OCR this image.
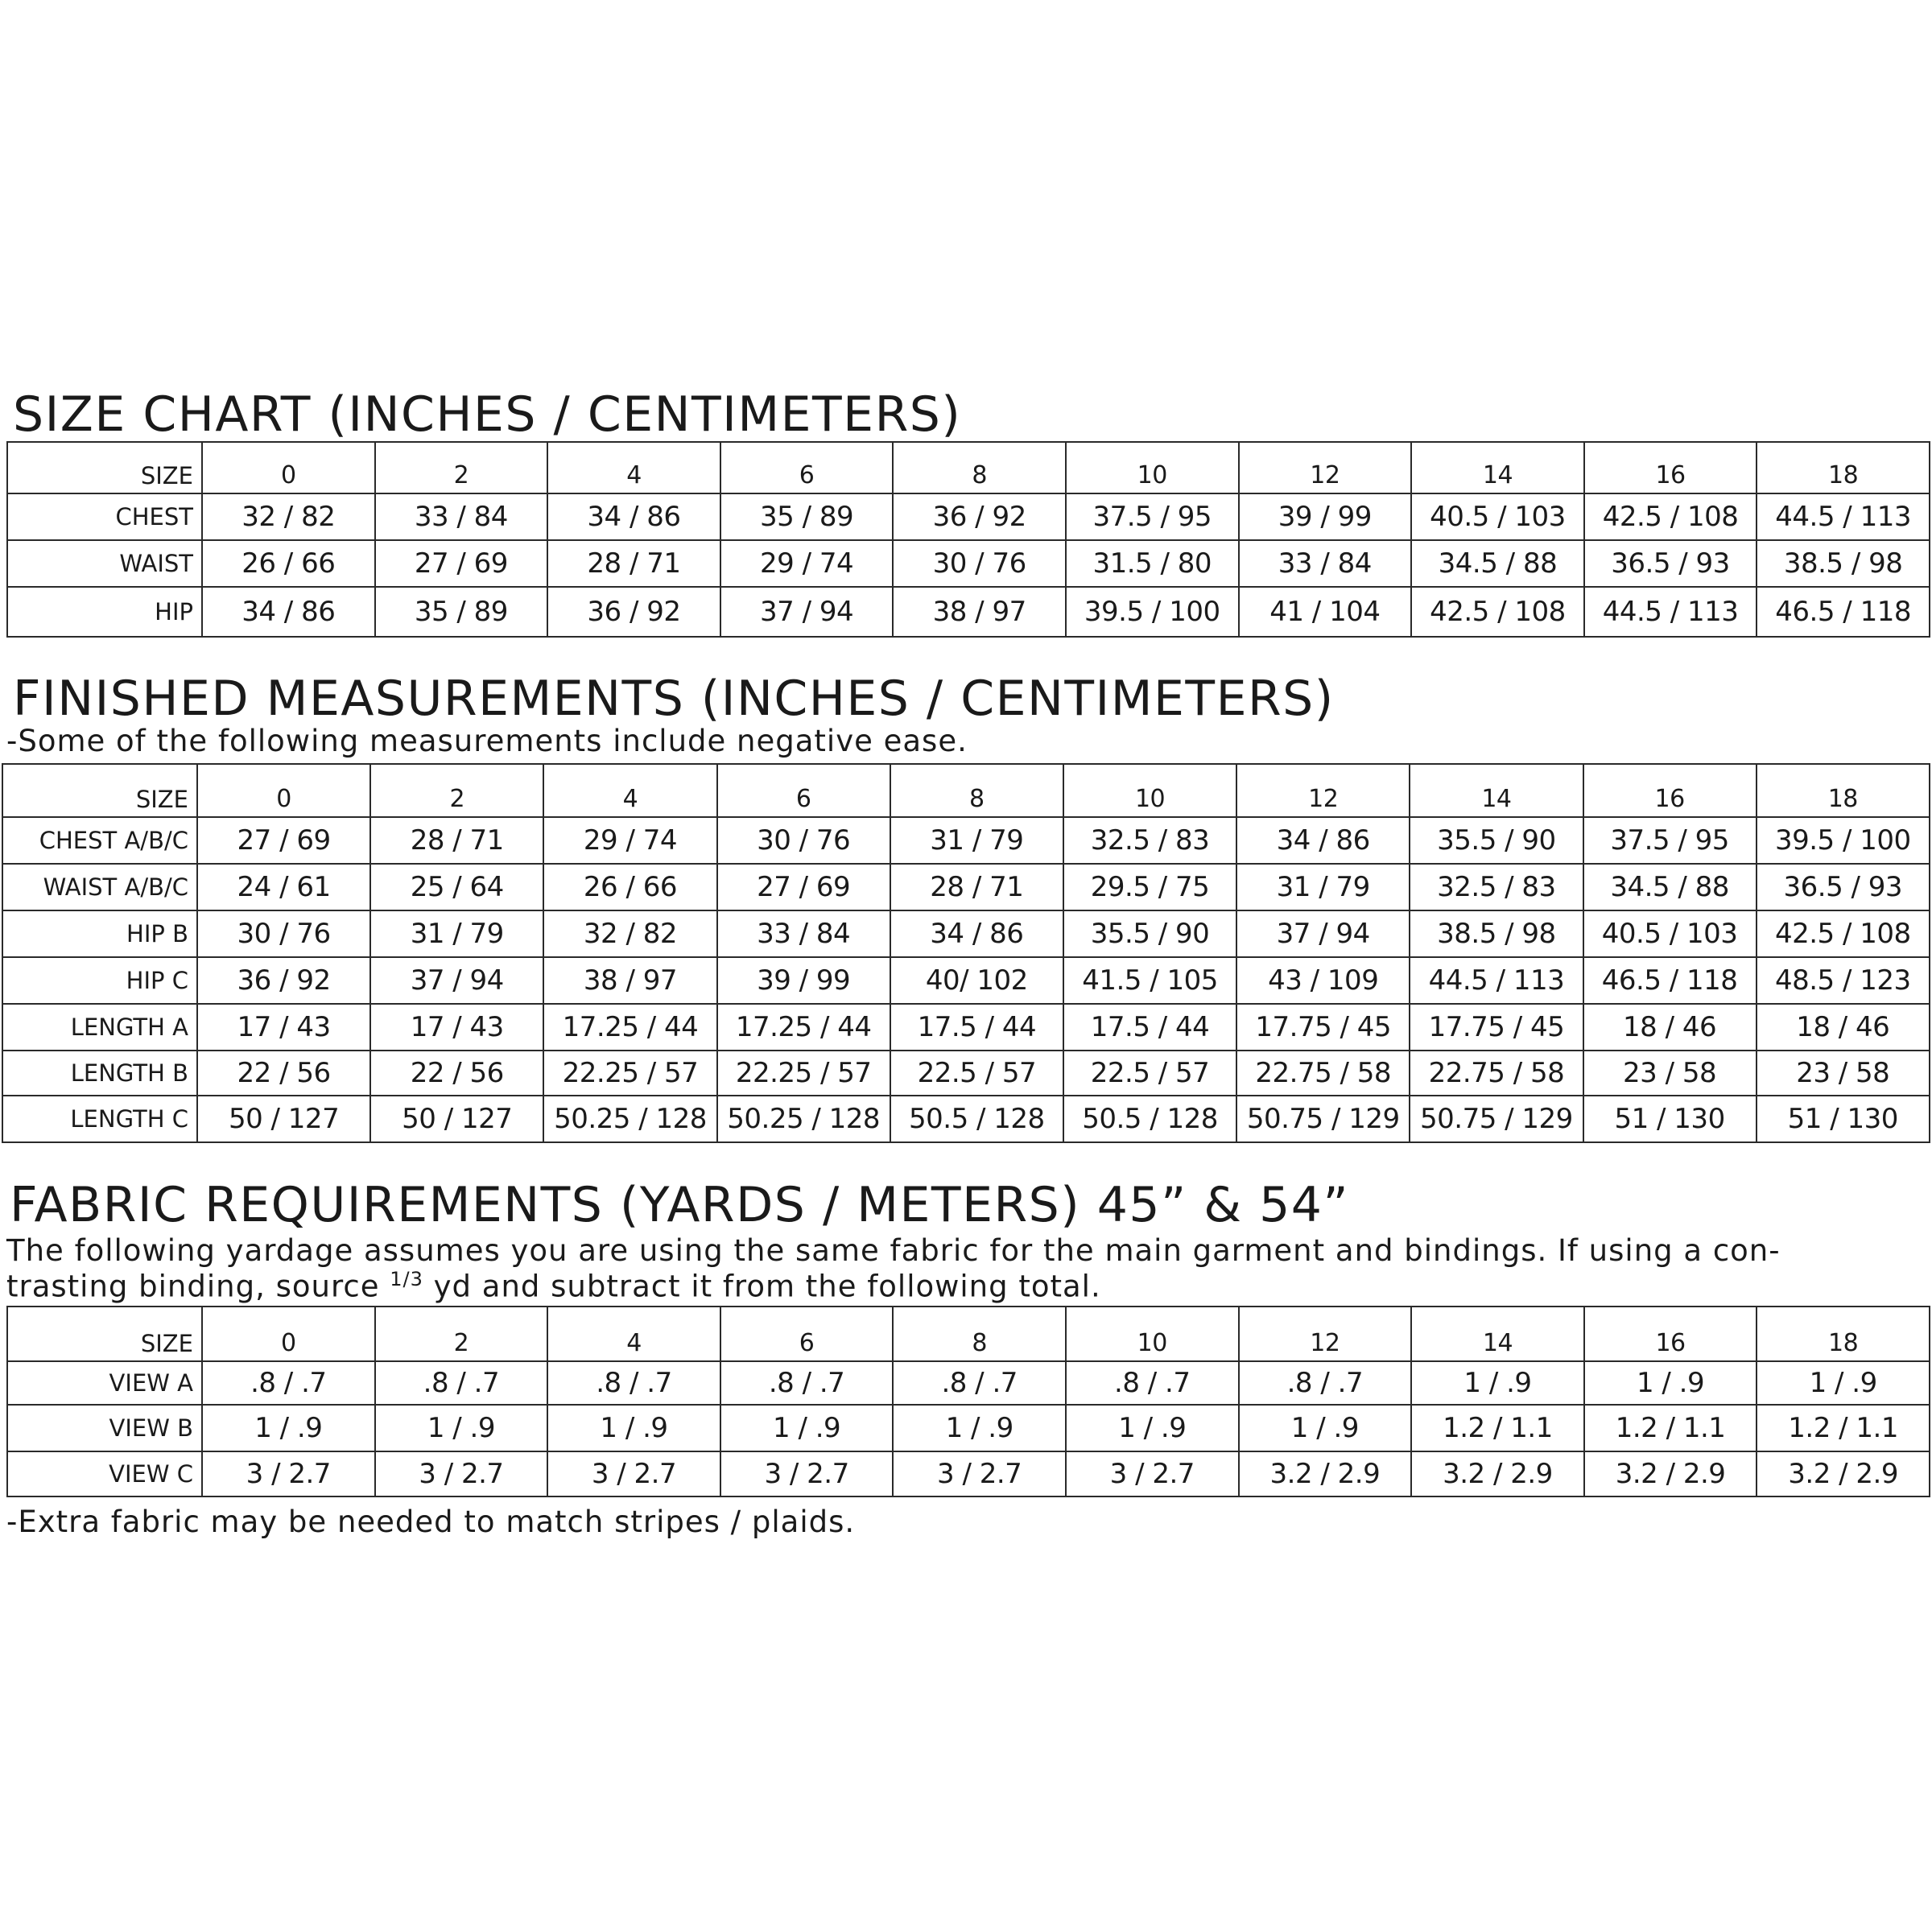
SIZE CHART (INCHES / CENTIMETERS)
SIZE	0	2	4	6	8	10	12	14	16	18
CHEST	32 / 82	33 / 84	34 / 86	35 / 89	36 / 92	37.5 / 95	39 / 99	40.5 / 103	42.5 / 108	44.5 / 113
WAIST	26 / 66	27 / 69	28 / 71	29 / 74	30 / 76	31.5 / 80	33 / 84	34.5 / 88	36.5 / 93	38.5 / 98
HIP	34 / 86	35 / 89	36 / 92	37 / 94	38 / 97	39.5 / 100	41 / 104	42.5 / 108	44.5 / 113	46.5 / 118
FINISHED MEASUREMENTS (INCHES / CENTIMETERS)

-Some of the following measurements include negative ease.

SIZE	0	2	4	6	8	10	12	14	16	18
CHEST A/B/C	27 / 69	28 / 71	29 / 74	30 / 76	31 / 79	32.5 / 83	34 / 86	35.5 / 90	37.5 / 95	39.5 / 100
WAIST A/B/C	24 / 61	25 / 64	26 / 66	27 / 69	28 / 71	29.5 / 75	31 / 79	32.5 / 83	34.5 / 88	36.5 / 93
HIP B	30 / 76	31 / 79	32 / 82	33 / 84	34 / 86	35.5 / 90	37 / 94	38.5 / 98	40.5 / 103	42.5 / 108
HIP C	36 / 92	37 / 94	38 / 97	39 / 99	40/ 102	41.5 / 105	43 / 109	44.5 / 113	46.5 / 118	48.5 / 123
LENGTH A	17 / 43	17 / 43	17.25 / 44	17.25 / 44	17.5 / 44	17.5 / 44	17.75 / 45	17.75 / 45	18 / 46	18 / 46
LENGTH B	22 / 56	22 / 56	22.25 / 57	22.25 / 57	22.5 / 57	22.5 / 57	22.75 / 58	22.75 / 58	23 / 58	23 / 58
LENGTH C	50 / 127	50 / 127	50.25 / 128	50.25 / 128	50.5 / 128	50.5 / 128	50.75 / 129	50.75 / 129	51 / 130	51 / 130
FABRIC REQUIREMENTS (YARDS / METERS) 45” & 54”

The following yardage assumes you are using the same fabric for the main garment and bindings. If using a con-

trasting binding, source $^{1/3}$ yd and subtract it from the following total.

SIZE	0	2	4	6	8	10	12	14	16	18
VIEW A	.8 / .7	.8 / .7	.8 / .7	.8 / .7	.8 / .7	.8 / .7	.8 / .7	1 / .9	1 / .9	1 / .9
VIEW B	1 / .9	1 / .9	1 / .9	1 / .9	1 / .9	1 / .9	1 / .9	1.2 / 1.1	1.2 / 1.1	1.2 / 1.1
VIEW C	3 / 2.7	3 / 2.7	3 / 2.7	3 / 2.7	3 / 2.7	3 / 2.7	3.2 / 2.9	3.2 / 2.9	3.2 / 2.9	3.2 / 2.9

-Extra fabric may be needed to match stripes / plaids.
